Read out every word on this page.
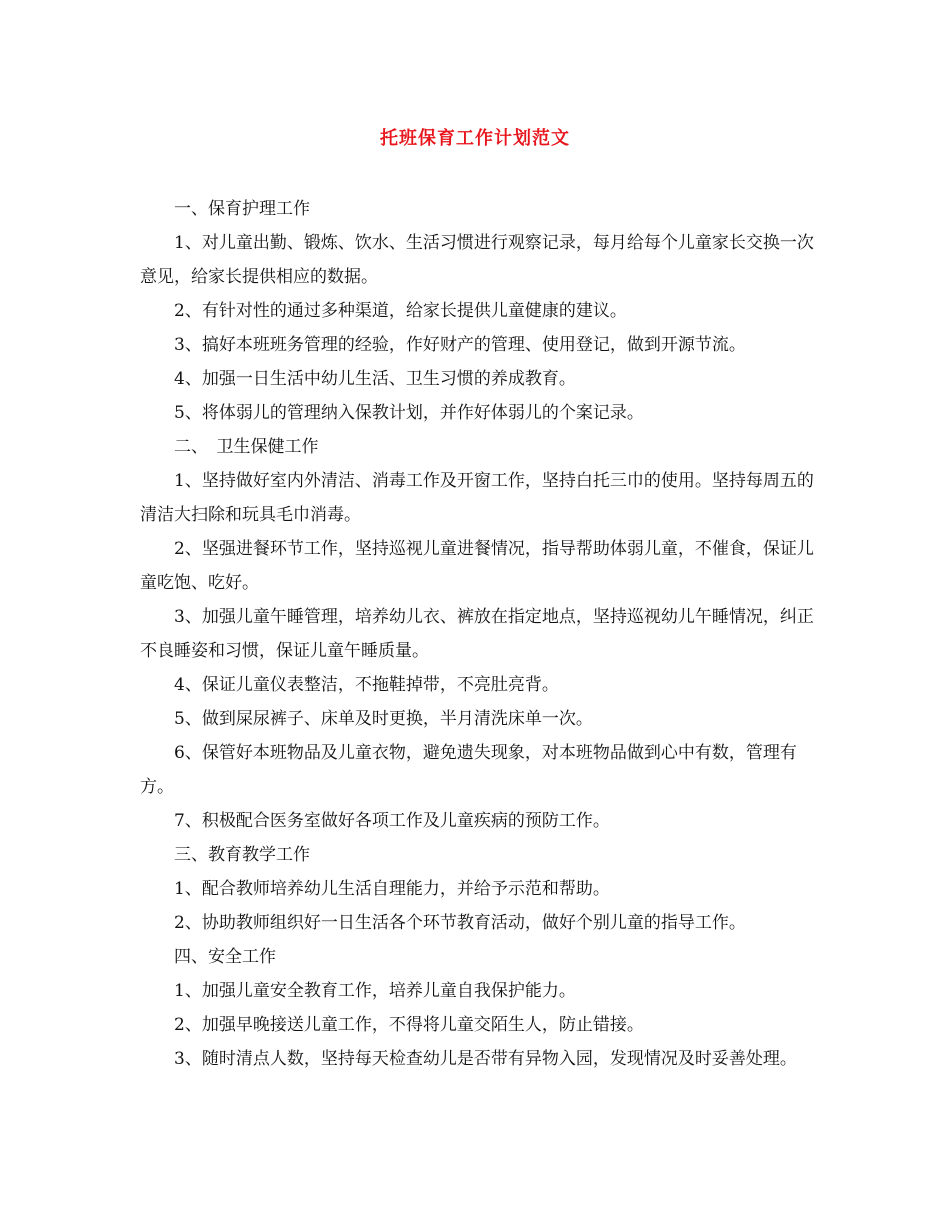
托班保育工作计划范文

一、保育护理工作

1、对儿童出勤、锻炼、饮水、生活习惯进行观察记录，每月给每个儿童家长交换一次意见，给家长提供相应的数据。

2、有针对性的通过多种渠道，给家长提供儿童健康的建议。

3、搞好本班班务管理的经验，作好财产的管理、使用登记，做到开源节流。

4、加强一日生活中幼儿生活、卫生习惯的养成教育。

5、将体弱儿的管理纳入保教计划，并作好体弱儿的个案记录。

二、　卫生保健工作

1、坚持做好室内外清洁、消毒工作及开窗工作，坚持白托三巾的使用。坚持每周五的清洁大扫除和玩具毛巾消毒。

2、坚强进餐环节工作，坚持巡视儿童进餐情况，指导帮助体弱儿童，不催食，保证儿童吃饱、吃好。

3、加强儿童午睡管理，培养幼儿衣、裤放在指定地点，坚持巡视幼儿午睡情况，纠正不良睡姿和习惯，保证儿童午睡质量。

4、保证儿童仪表整洁，不拖鞋掉带，不亮肚亮背。

5、做到屎尿裤子、床单及时更换，半月清洗床单一次。

6、保管好本班物品及儿童衣物，避免遗失现象，对本班物品做到心中有数，管理有方。

7、积极配合医务室做好各项工作及儿童疾病的预防工作。

三、教育教学工作

1、配合教师培养幼儿生活自理能力，并给予示范和帮助。

2、协助教师组织好一日生活各个环节教育活动，做好个别儿童的指导工作。

四、安全工作

1、加强儿童安全教育工作，培养儿童自我保护能力。

2、加强早晚接送儿童工作，不得将儿童交陌生人，防止错接。

3、随时清点人数，坚持每天检查幼儿是否带有异物入园，发现情况及时妥善处理。
